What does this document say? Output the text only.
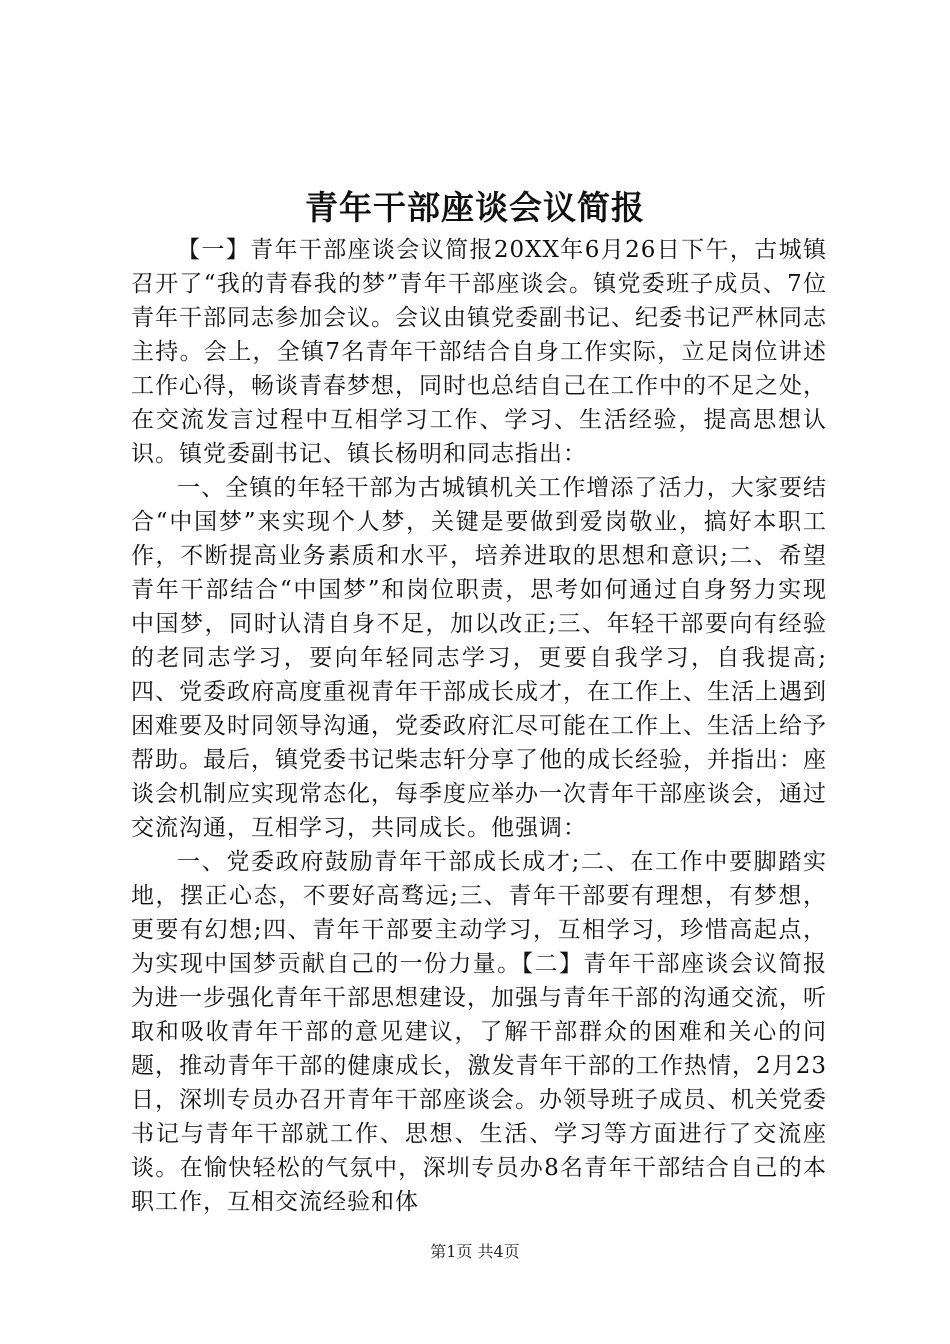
青年干部座谈会议简报

【一】青年干部座谈会议简报20XX年6月26日下午，古城镇召开了“我的青春我的梦”青年干部座谈会。镇党委班子成员、7位青年干部同志参加会议。会议由镇党委副书记、纪委书记严林同志主持。会上，全镇7名青年干部结合自身工作实际，立足岗位讲述工作心得，畅谈青春梦想，同时也总结自己在工作中的不足之处，在交流发言过程中互相学习工作、学习、生活经验，提高思想认识。镇党委副书记、镇长杨明和同志指出：

一、全镇的年轻干部为古城镇机关工作增添了活力，大家要结合“中国梦”来实现个人梦，关键是要做到爱岗敬业，搞好本职工作，不断提高业务素质和水平，培养进取的思想和意识;二、希望青年干部结合“中国梦”和岗位职责，思考如何通过自身努力实现中国梦，同时认清自身不足，加以改正;三、年轻干部要向有经验的老同志学习，要向年轻同志学习，更要自我学习，自我提高;四、党委政府高度重视青年干部成长成才，在工作上、生活上遇到困难要及时同领导沟通，党委政府汇尽可能在工作上、生活上给予帮助。最后，镇党委书记柴志轩分享了他的成长经验，并指出：座谈会机制应实现常态化，每季度应举办一次青年干部座谈会，通过交流沟通，互相学习，共同成长。他强调：

一、党委政府鼓励青年干部成长成才;二、在工作中要脚踏实地，摆正心态，不要好高骛远;三、青年干部要有理想，有梦想，更要有幻想;四、青年干部要主动学习，互相学习，珍惜高起点，为实现中国梦贡献自己的一份力量。【二】青年干部座谈会议简报为进一步强化青年干部思想建设，加强与青年干部的沟通交流，听取和吸收青年干部的意见建议，了解干部群众的困难和关心的问题，推动青年干部的健康成长，激发青年干部的工作热情，2月23日，深圳专员办召开青年干部座谈会。办领导班子成员、机关党委书记与青年干部就工作、思想、生活、学习等方面进行了交流座谈。在愉快轻松的气氛中，深圳专员办8名青年干部结合自己的本职工作，互相交流经验和体

第1页 共4页
